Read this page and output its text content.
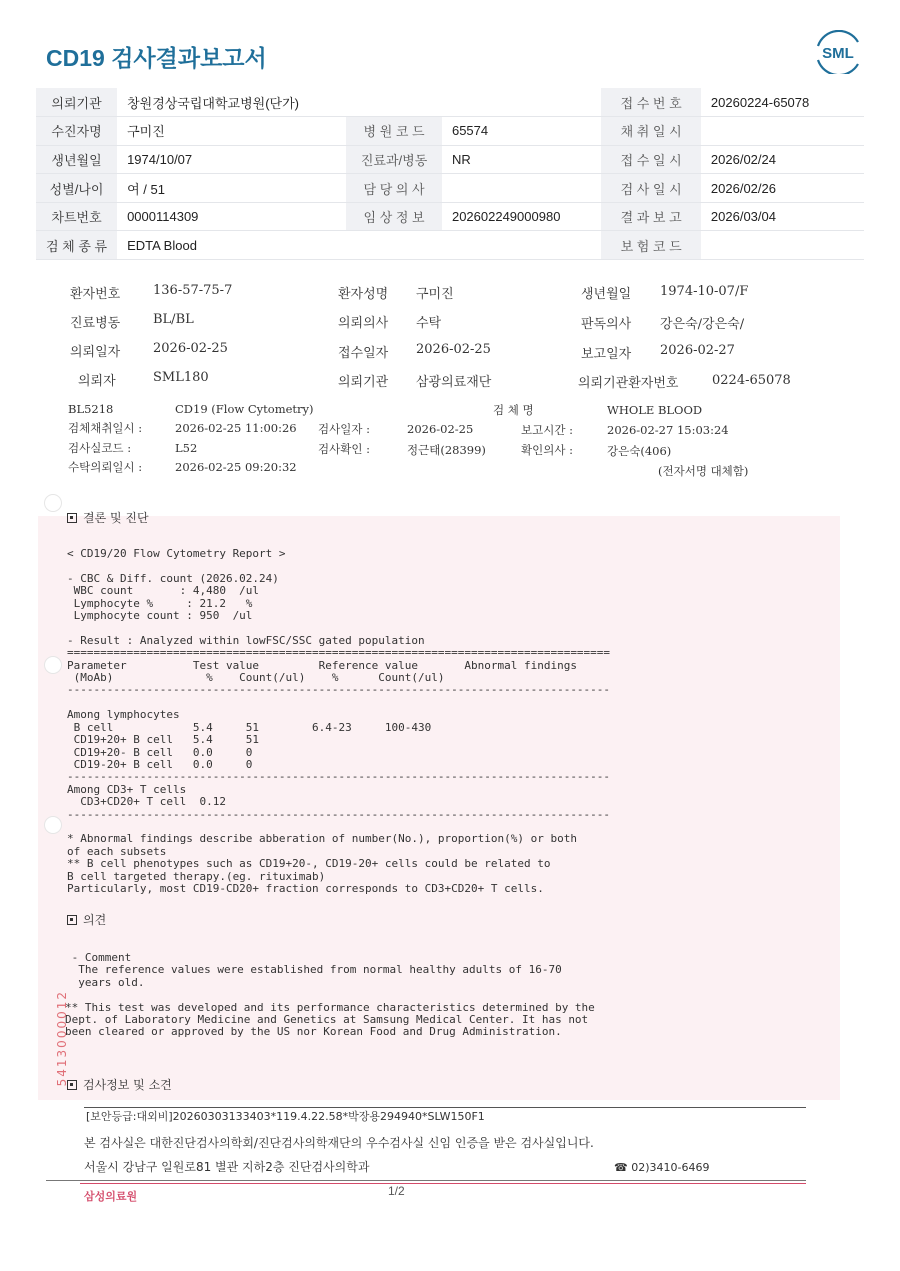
CD19 검사결과보고서	SML
의뢰기관	창원경상국립대학교병원(단가)			접 수 번 호	20260224-65078
수진자명	구미진	병 원 코 드	65574	채 취 일 시	
생년월일	1974/10/07	진료과/병동	NR	접 수 일 시	2026/02/24
성별/나이	여 / 51	담 당 의 사		검 사 일 시	2026/02/26
차트번호	0000114309	임 상 정 보	202602249000980	결 과 보 고	2026/03/04
검 체 종 류	EDTA Blood			보 험 코 드	
환자번호	136-57-75-7	환자성명 구미진	생년월일 1974-10-07/F
진료병동	BL/BL	의뢰의사 수탁	판독의사 강은숙/강은숙/
의뢰일자	2026-02-25	접수일자 2026-02-25	보고일자 2026-02-27
의뢰자	SML180	의뢰기관 삼광의료재단	의뢰기관환자번호	0224-65078
BL5218	CD19 (Flow Cytometry)	검 체 명	WHOLE BLOOD
검체채취일시 :	2026-02-25 11:00:26 검사일자 :	2026-02-25	보고시간 :	2026-02-27 15:03:24
검사실코드 :	L52	검사확인 :	정근태(28399)	확인의사 :	강은숙(406)
수탁의뢰일시 :	2026-02-25 09:20:32	(전자서명 대체함)
결론 및 진단
< CD19/20 Flow Cytometry Report >

- CBC & Diff. count (2026.02.24)
WBC count       : 4,480  /ul
Lymphocyte %     : 21.2   %
Lymphocyte count : 950  /ul

- Result : Analyzed within lowFSC/SSC gated population
==================================================================================
Parameter          Test value         Reference value       Abnormal findings
(MoAb)              %    Count(/ul)    %      Count(/ul)
----------------------------------------------------------------------------------

Among lymphocytes
B cell            5.4     51        6.4-23     100-430
CD19+20+ B cell   5.4     51
CD19+20- B cell   0.0     0
CD19-20+ B cell   0.0     0
----------------------------------------------------------------------------------
Among CD3+ T cells
CD3+CD20+ T cell  0.12
----------------------------------------------------------------------------------

* Abnormal findings describe abberation of number(No.), proportion(%) or both
of each subsets
** B cell phenotypes such as CD19+20-, CD19-20+ cells could be related to
B cell targeted therapy.(eg. rituximab)
Particularly, most CD19-CD20+ fraction corresponds to CD3+CD20+ T cells.
의견
- Comment
The reference values were established from normal healthy adults of 16-70
years old.

** This test was developed and its performance characteristics determined by the
Dept. of Laboratory Medicine and Genetics at Samsung Medical Center. It has not
been cleared or approved by the US nor Korean Food and Drug Administration.
5413000012	검사정보 및 소견
[보안등급:대외비]20260303133403*119.4.22.58*박장용294940*SLW150F1
본 검사실은 대한진단검사의학회/진단검사의학재단의 우수검사실 신임 인증을 받은 검사실입니다.
서울시 강남구 일원로81 별관 지하2층 진단검사의학과	☎ 02)3410-6469
삼성의료원	1/2
